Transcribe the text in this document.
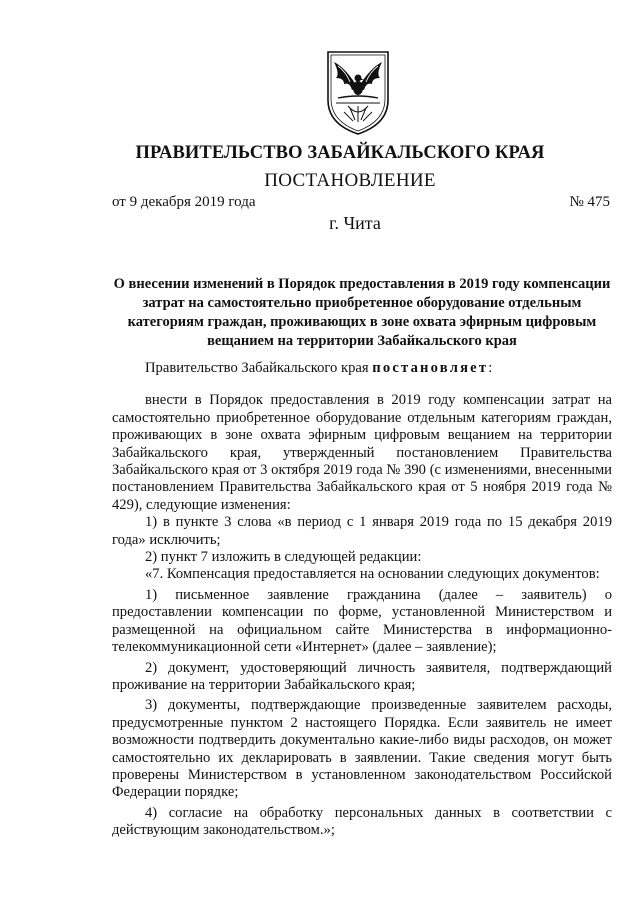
ПРАВИТЕЛЬСТВО ЗАБАЙКАЛЬСКОГО КРАЯ
ПОСТАНОВЛЕНИЕ
от 9 декабря 2019 года	№ 475
г. Чита
О внесении изменений в Порядок предоставления в 2019 году компенсации затрат на самостоятельно приобретенное оборудование отдельным категориям граждан, проживающих в зоне охвата эфирным цифровым вещанием на территории Забайкальского края

Правительство Забайкальского края постановляет:

внести в Порядок предоставления в 2019 году компенсации затрат на самостоятельно приобретенное оборудование отдельным категориям граждан, проживающих в зоне охвата эфирным цифровым вещанием на территории Забайкальского края, утвержденный постановлением Правительства Забайкальского края от 3 октября 2019 года № 390 (с изменениями, внесенными постановлением Правительства Забайкальского края от 5 ноября 2019 года № 429), следующие изменения:

1) в пункте 3 слова «в период с 1 января 2019 года по 15 декабря 2019 года» исключить;

2) пункт 7 изложить в следующей редакции:

«7. Компенсация предоставляется на основании следующих документов:

1) письменное заявление гражданина (далее – заявитель) о предоставлении компенсации по форме, установленной Министерством и размещенной на официальном сайте Министерства в информационно-телекоммуникационной сети «Интернет» (далее – заявление);

2) документ, удостоверяющий личность заявителя, подтверждающий проживание на территории Забайкальского края;

3) документы, подтверждающие произведенные заявителем расходы, предусмотренные пунктом 2 настоящего Порядка. Если заявитель не имеет возможности подтвердить документально какие-либо виды расходов, он может самостоятельно их декларировать в заявлении. Такие сведения могут быть проверены Министерством в установленном законодательством Российской Федерации порядке;

4) согласие на обработку персональных данных в соответствии с действующим законодательством.»;
